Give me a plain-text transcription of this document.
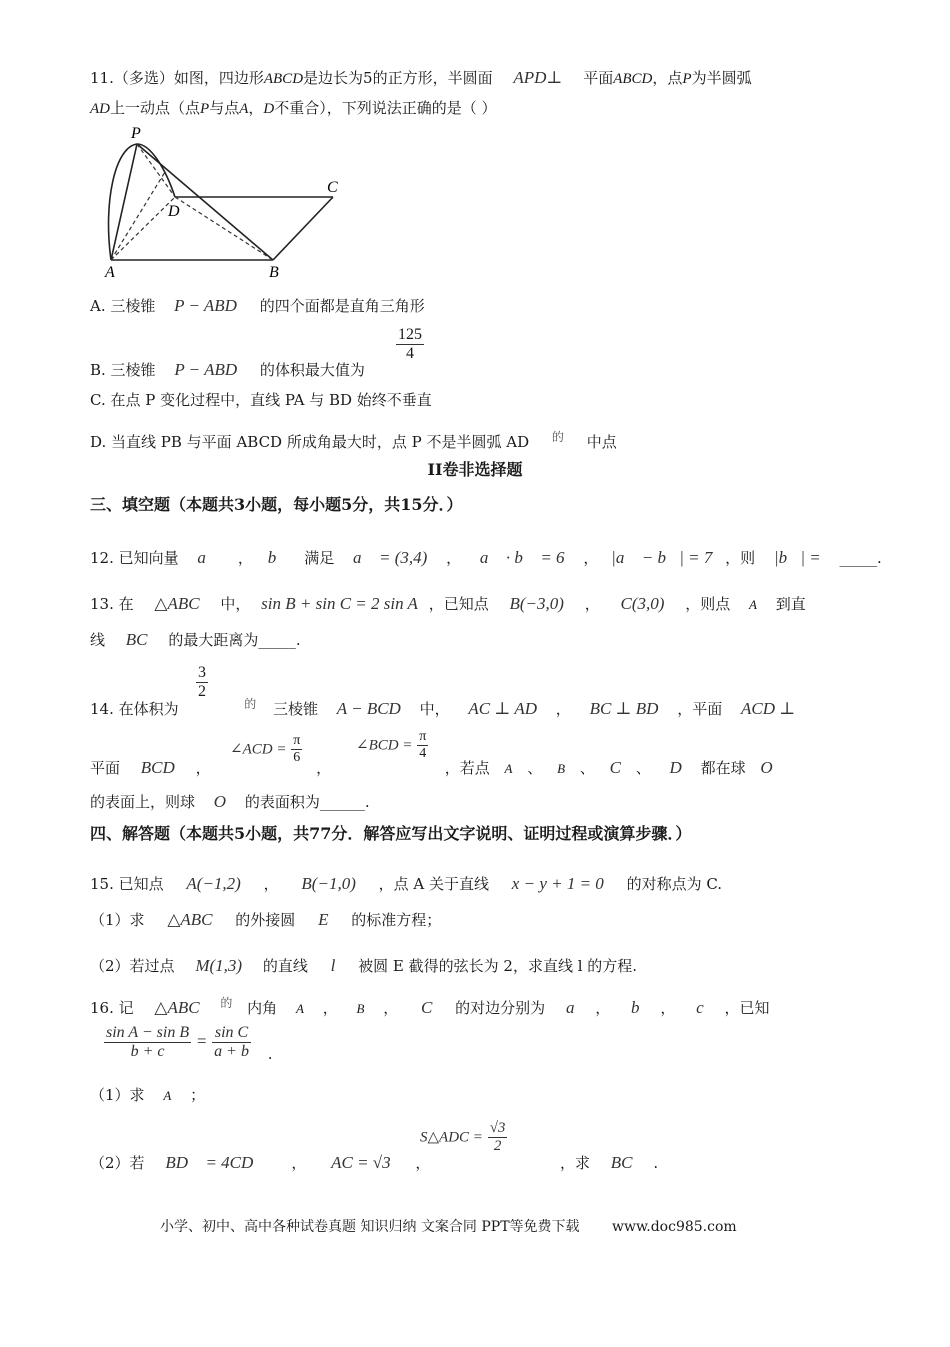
11.（多选）如图，四边形ABCD是边长为5的正方形，半圆面 APD⊥ 平面ABCD，点P为半圆弧
AD上一动点（点P与点A，D不重合），下列说法正确的是（ ）
P
C
D
A	B
A. 三棱锥 P − ABD 的四个面都是直角三角形
B. 三棱锥 P − ABD 的体积最大值为
$\frac{125}{4}$
C. 在点 P 变化过程中，直线 PA 与 BD 始终不垂直
D. 当直线 PB 与平面 ABCD 所成角最大时，点 P 不是半圆弧 AD $^的$ 中点
II卷非选择题
三、填空题（本题共3小题，每小题5分，共15分．）
12. 已知向量 a⃗ ， b⃗ 满足 a⃗ = (3,4) ， a⃗ · b⃗ = 6 ， |a⃗ − b⃗| = 7 ，则 |b⃗| = _____.
13. 在 △ABC 中， sin B + sin C = 2 sin A ，已知点 B(−3,0) ， C(3,0) ，则点 A 到直
线 BC 的最大距离为_____.
14. 在体积为	$^的$ 三棱锥 A − BCD 中， AC ⊥ AD ， BC ⊥ BD ，平面 ACD ⊥
$\frac{3}{2}$
平面 BCD ，	，	，若点 A 、 B 、 C 、 D 都在球 O
∠ACD = $\frac{\pi}{6}$	∠BCD = $\frac{\pi}{4}$
的表面上，则球 O 的表面积为______.
四、解答题（本题共5小题，共77分．解答应写出文字说明、证明过程或演算步骤．）
15. 已知点 A(−1,2) ， B(−1,0) ，点 A 关于直线 x − y + 1 = 0 的对称点为 C.
（1）求 △ABC 的外接圆 E 的标准方程；
（2）若过点 M(1,3) 的直线 l 被圆 E 截得的弦长为 2，求直线 l 的方程.
16. 记 △ABC $^的$ 内角 A ， B ， C 的对边分别为 a ， b ， c ，已知
$\frac{\text{sin A − sin B}}{b + c} = \frac{\text{sin C}}{a + b}$ .
（1）求 A ；
（2）若 BD⃗ = 4CD⃗ ， AC = √3 ，	，求 BC .
S△ADC = $\frac{√3}{2}$
小学、初中、高中各种试卷真题 知识归纳 文案合同 PPT等免费下载 www.doc985.com
